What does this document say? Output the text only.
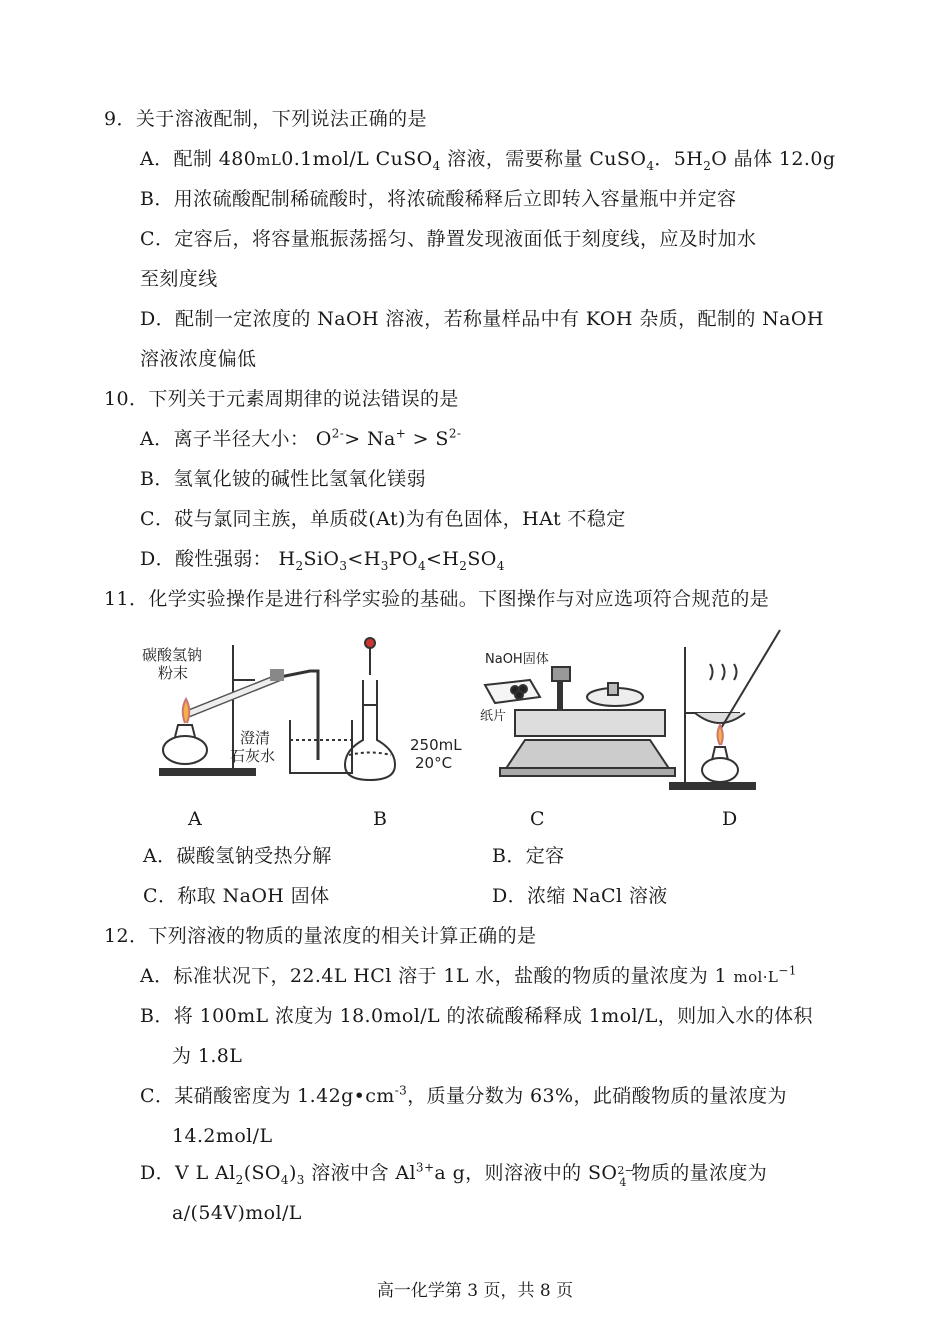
9．关于溶液配制，下列说法正确的是
A．配制 480mL0.1mol/L CuSO$_4$ 溶液，需要称量 CuSO$_4$．$5H_2O$ 晶体 12.0g
B．用浓硫酸配制稀硫酸时，将浓硫酸稀释后立即转入容量瓶中并定容
C．定容后，将容量瓶振荡摇匀、静置发现液面低于刻度线，应及时加水
至刻度线
D．配制一定浓度的 NaOH 溶液，若称量样品中有 KOH 杂质，配制的 NaOH
溶液浓度偏低
10．下列关于元素周期律的说法错误的是
A．离子半径大小： $O^{2-}> Na^+ > S^{2-}$
B．氢氧化铍的碱性比氢氧化镁弱
C．砹与氯同主族，单质砹(At)为有色固体，HAt 不稳定
D．酸性强弱： $H_2SiO_3<H_3PO_4<H_2SO_4$
11．化学实验操作是进行科学实验的基础。下图操作与对应选项符合规范的是
碳酸氢钠
粉末
澄清
石灰水
250mL
20°C
NaOH固体
纸片
A	B	C	D
A．碳酸氢钠受热分解	B．定容
C．称取 NaOH 固体	D．浓缩 NaCl 溶液
12．下列溶液的物质的量浓度的相关计算正确的是
A．标准状况下，22.4L HCl 溶于 1L 水，盐酸的物质的量浓度为 1 $mol\cdot L^{-1}$
B．将 100mL 浓度为 18.0mol/L 的浓硫酸稀释成 1mol/L，则加入水的体积
为 1.8L
C．某硝酸密度为 $1.42g•cm^{-3}$，质量分数为 63%，此硝酸物质的量浓度为
14.2mol/L
D．V L $Al_2(SO_4)_3$ 溶液中含 $Al^{3+}a$ g，则溶液中的 SO 2−
4 物质的量浓度为
a/(54V)mol/L
高一化学第 3 页，共 8 页
